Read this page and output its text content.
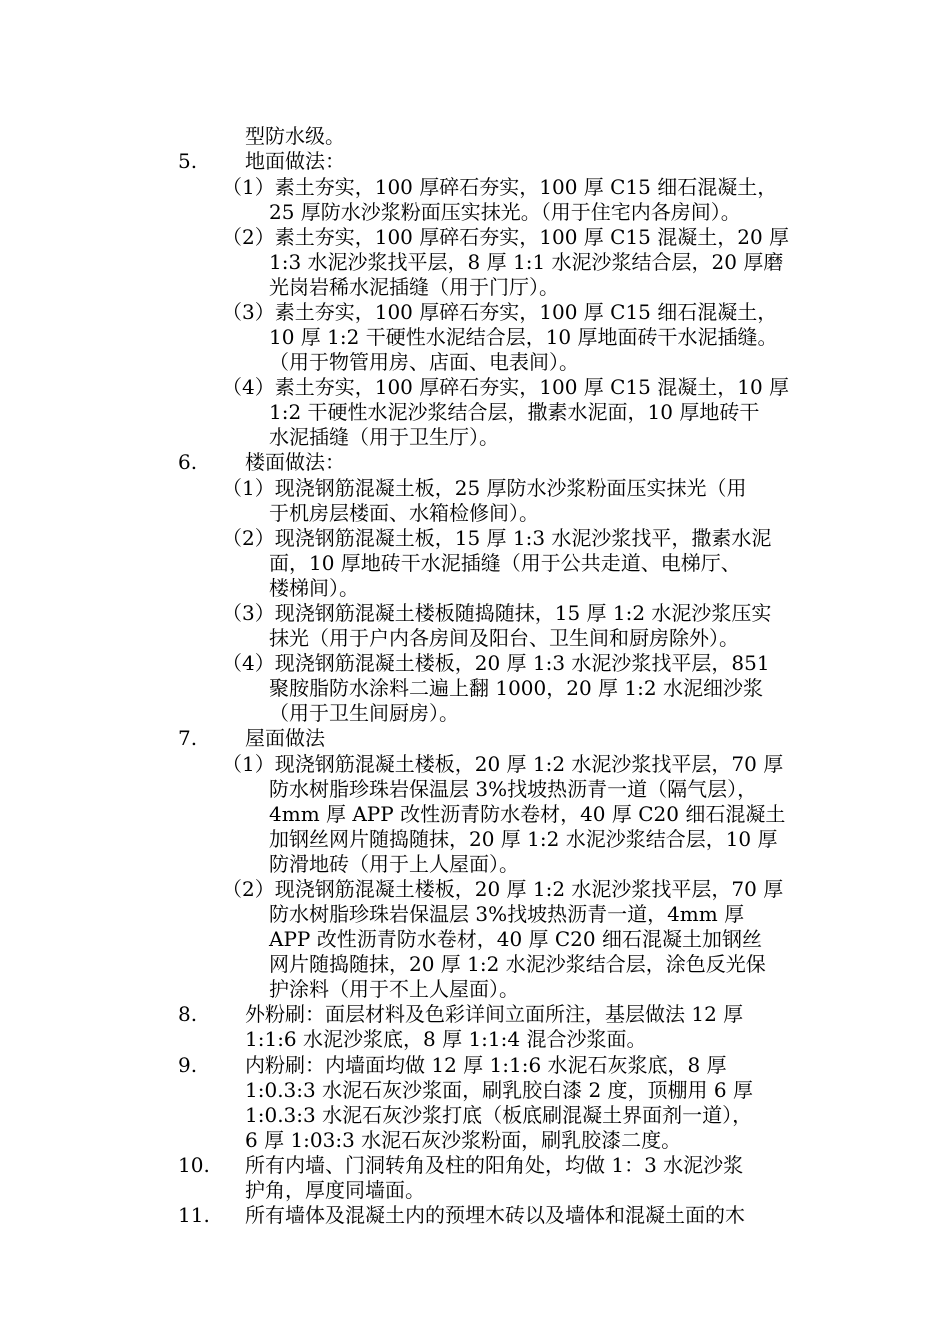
型防水级。
5. 地面做法：
（1）素土夯实，100 厚碎石夯实，100 厚 C15 细石混凝土，
25 厚防水沙浆粉面压实抹光。（用于住宅内各房间）。
（2）素土夯实，100 厚碎石夯实，100 厚 C15 混凝土，20 厚
1:3 水泥沙浆找平层，8 厚 1:1 水泥沙浆结合层，20 厚磨
光岗岩稀水泥插缝（用于门厅）。
（3）素土夯实，100 厚碎石夯实，100 厚 C15 细石混凝土，
10 厚 1:2 干硬性水泥结合层，10 厚地面砖干水泥插缝。
（用于物管用房、店面、电表间）。
（4）素土夯实，100 厚碎石夯实，100 厚 C15 混凝土，10 厚
1:2 干硬性水泥沙浆结合层，撒素水泥面，10 厚地砖干
水泥插缝（用于卫生厅）。
6. 楼面做法：
（1）现浇钢筋混凝土板，25 厚防水沙浆粉面压实抹光（用
于机房层楼面、水箱检修间）。
（2）现浇钢筋混凝土板，15 厚 1:3 水泥沙浆找平，撒素水泥
面，10 厚地砖干水泥插缝（用于公共走道、电梯厅、
楼梯间）。
（3）现浇钢筋混凝土楼板随捣随抹，15 厚 1:2 水泥沙浆压实
抹光（用于户内各房间及阳台、卫生间和厨房除外）。
（4）现浇钢筋混凝土楼板，20 厚 1:3 水泥沙浆找平层，851
聚胺脂防水涂料二遍上翻 1000，20 厚 1:2 水泥细沙浆
（用于卫生间厨房）。
7. 屋面做法
（1）现浇钢筋混凝土楼板，20 厚 1:2 水泥沙浆找平层，70 厚
防水树脂珍珠岩保温层 3%找坡热沥青一道（隔气层），
4mm 厚 APP 改性沥青防水卷材，40 厚 C20 细石混凝土
加钢丝网片随捣随抹，20 厚 1:2 水泥沙浆结合层，10 厚
防滑地砖（用于上人屋面）。
（2）现浇钢筋混凝土楼板，20 厚 1:2 水泥沙浆找平层，70 厚
防水树脂珍珠岩保温层 3%找坡热沥青一道，4mm 厚
APP 改性沥青防水卷材，40 厚 C20 细石混凝土加钢丝
网片随捣随抹，20 厚 1:2 水泥沙浆结合层，涂色反光保
护涂料（用于不上人屋面）。
8. 外粉刷：面层材料及色彩详间立面所注，基层做法 12 厚
1:1:6 水泥沙浆底，8 厚 1:1:4 混合沙浆面。
9. 内粉刷：内墙面均做 12 厚 1:1:6 水泥石灰浆底，8 厚
1:0.3:3 水泥石灰沙浆面，刷乳胶白漆 2 度，顶棚用 6 厚
1:0.3:3 水泥石灰沙浆打底（板底刷混凝土界面剂一道），
6 厚 1:03:3 水泥石灰沙浆粉面，刷乳胶漆二度。
10. 所有内墙、门洞转角及柱的阳角处，均做 1：3 水泥沙浆
护角，厚度同墙面。
11. 所有墙体及混凝土内的预埋木砖以及墙体和混凝土面的木
